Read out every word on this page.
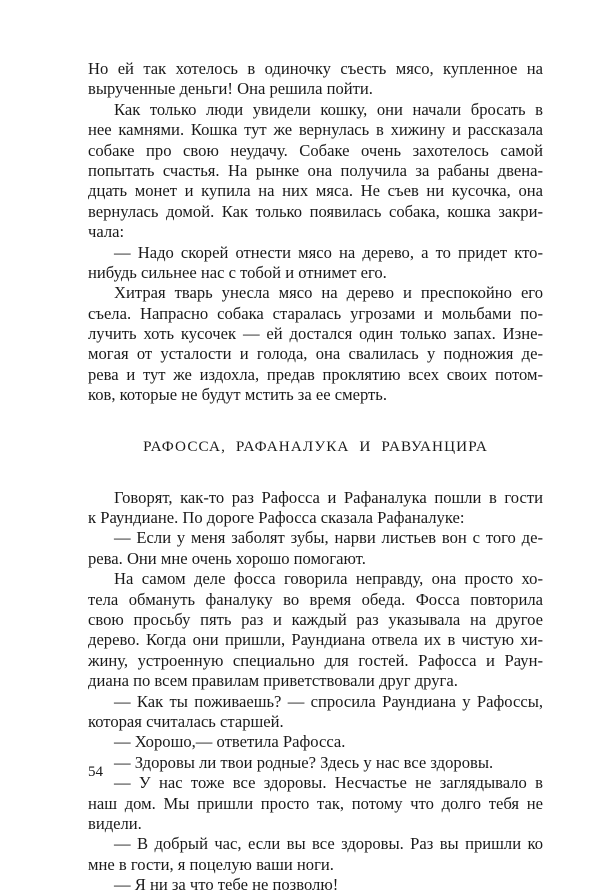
Но ей так хотелось в одиночку съесть мясо, купленное на
вырученные деньги! Она решила пойти.
Как только люди увидели кошку, они начали бросать в
нее камнями. Кошка тут же вернулась в хижину и рассказала
собаке про свою неудачу. Собаке очень захотелось самой
попытать счастья. На рынке она получила за рабаны двена-
дцать монет и купила на них мяса. Не съев ни кусочка, она
вернулась домой. Как только появилась собака, кошка закри-
чала:
— Надо скорей отнести мясо на дерево, а то придет кто-
нибудь сильнее нас с тобой и отнимет его.
Хитрая тварь унесла мясо на дерево и преспокойно его
съела. Напрасно собака старалась угрозами и мольбами по-
лучить хоть кусочек — ей достался один только запах. Изне-
могая от усталости и голода, она свалилась у подножия де-
рева и тут же издохла, предав проклятию всех своих потом-
ков, которые не будут мстить за ее смерть.
РАФОССА, РАФАНАЛУКА И РАВУАНЦИРА
Говорят, как-то раз Рафосса и Рафаналука пошли в гости
к Раундиане. По дороге Рафосса сказала Рафаналуке:
— Если у меня заболят зубы, нарви листьев вон с того де-
рева. Они мне очень хорошо помогают.
На самом деле фосса говорила неправду, она просто хо-
тела обмануть фаналуку во время обеда. Фосса повторила
свою просьбу пять раз и каждый раз указывала на другое
дерево. Когда они пришли, Раундиана отвела их в чистую хи-
жину, устроенную специально для гостей. Рафосса и Раун-
диана по всем правилам приветствовали друг друга.
— Как ты поживаешь? — спросила Раундиана у Рафоссы,
которая считалась старшей.
— Хорошо,— ответила Рафосса.
— Здоровы ли твои родные? Здесь у нас все здоровы.
— У нас тоже все здоровы. Несчастье не заглядывало в
наш дом. Мы пришли просто так, потому что долго тебя не
видели.
— В добрый час, если вы все здоровы. Раз вы пришли ко
мне в гости, я поцелую ваши ноги.
— Я ни за что тебе не позволю!
54
